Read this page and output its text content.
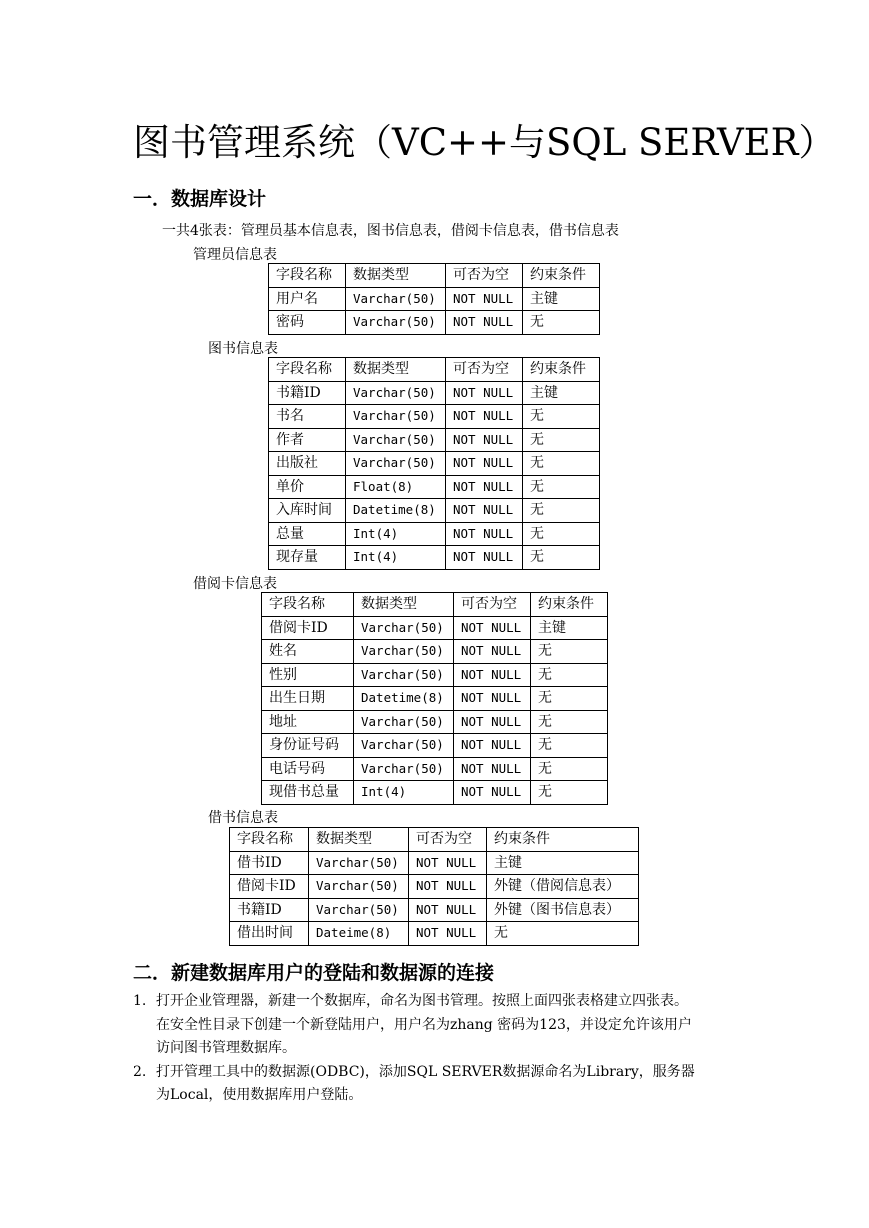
图书管理系统（VC++与SQL SERVER）
一．数据库设计
一共4张表：管理员基本信息表，图书信息表，借阅卡信息表，借书信息表
管理员信息表
字段名称	数据类型	可否为空	约束条件
用户名	Varchar(50)	NOT NULL	主键
密码	Varchar(50)	NOT NULL	无
图书信息表
字段名称	数据类型	可否为空	约束条件
书籍ID	Varchar(50)	NOT NULL	主键
书名	Varchar(50)	NOT NULL	无
作者	Varchar(50)	NOT NULL	无
出版社	Varchar(50)	NOT NULL	无
单价	Float(8)	NOT NULL	无
入库时间	Datetime(8)	NOT NULL	无
总量	Int(4)	NOT NULL	无
现存量	Int(4)	NOT NULL	无
借阅卡信息表
字段名称	数据类型	可否为空	约束条件
借阅卡ID	Varchar(50)	NOT NULL	主键
姓名	Varchar(50)	NOT NULL	无
性别	Varchar(50)	NOT NULL	无
出生日期	Datetime(8)	NOT NULL	无
地址	Varchar(50)	NOT NULL	无
身份证号码	Varchar(50)	NOT NULL	无
电话号码	Varchar(50)	NOT NULL	无
现借书总量	Int(4)	NOT NULL	无
借书信息表
字段名称	数据类型	可否为空	约束条件
借书ID	Varchar(50)	NOT NULL	主键
借阅卡ID	Varchar(50)	NOT NULL	外键（借阅信息表）
书籍ID	Varchar(50)	NOT NULL	外键（图书信息表）
借出时间	Dateime(8)	NOT NULL	无
二．新建数据库用户的登陆和数据源的连接
1. 打开企业管理器，新建一个数据库，命名为图书管理。按照上面四张表格建立四张表。
在安全性目录下创建一个新登陆用户，用户名为zhang 密码为123，并设定允许该用户
访问图书管理数据库。
2. 打开管理工具中的数据源(ODBC)，添加SQL SERVER数据源命名为Library，服务器
为Local，使用数据库用户登陆。
